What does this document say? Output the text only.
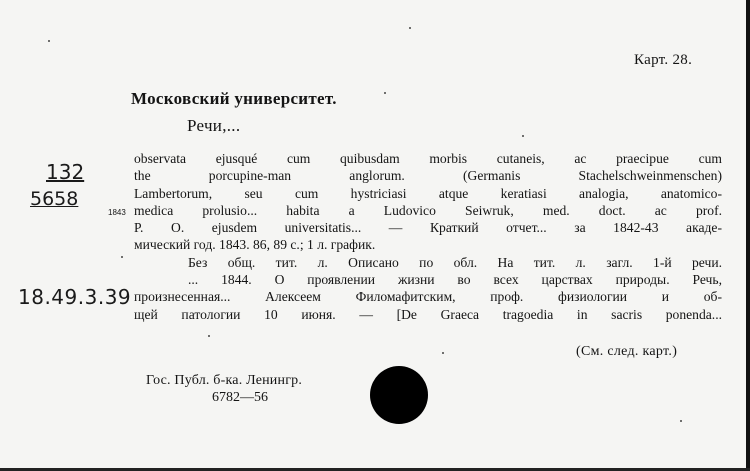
Карт. 28.
Московский университет.
Речи,...
132
5658
1843
18.49.3.39
observata ejusqué cum quibusdam morbis cutaneis, ac praecipue cum
the porcupine-man anglorum. (Germanis Stachelschweinmenschen)
Lambertorum, seu cum hystriciasi atque keratiasi analogia, anatomico-
medica prolusio... habita a Ludovico Seiwruk, med. doct. ac prof.
P. O. ejusdem universitatis... — Краткий отчет... за 1842-43 акаде-
мический год. 1843. 86, 89 с.; 1 л. график.
Без общ. тит. л. Описано по обл. На тит. л. загл. 1-й речи.
... 1844. О проявлении жизни во всех царствах природы. Речь,
произнесенная... Алексеем Филомафитским, проф. физиологии и об-
щей патологии 10 июня. — [De Graeca tragoedia in sacris ponenda...
(См. след. карт.)
Гос. Публ. б-ка. Ленингр.
6782—56
